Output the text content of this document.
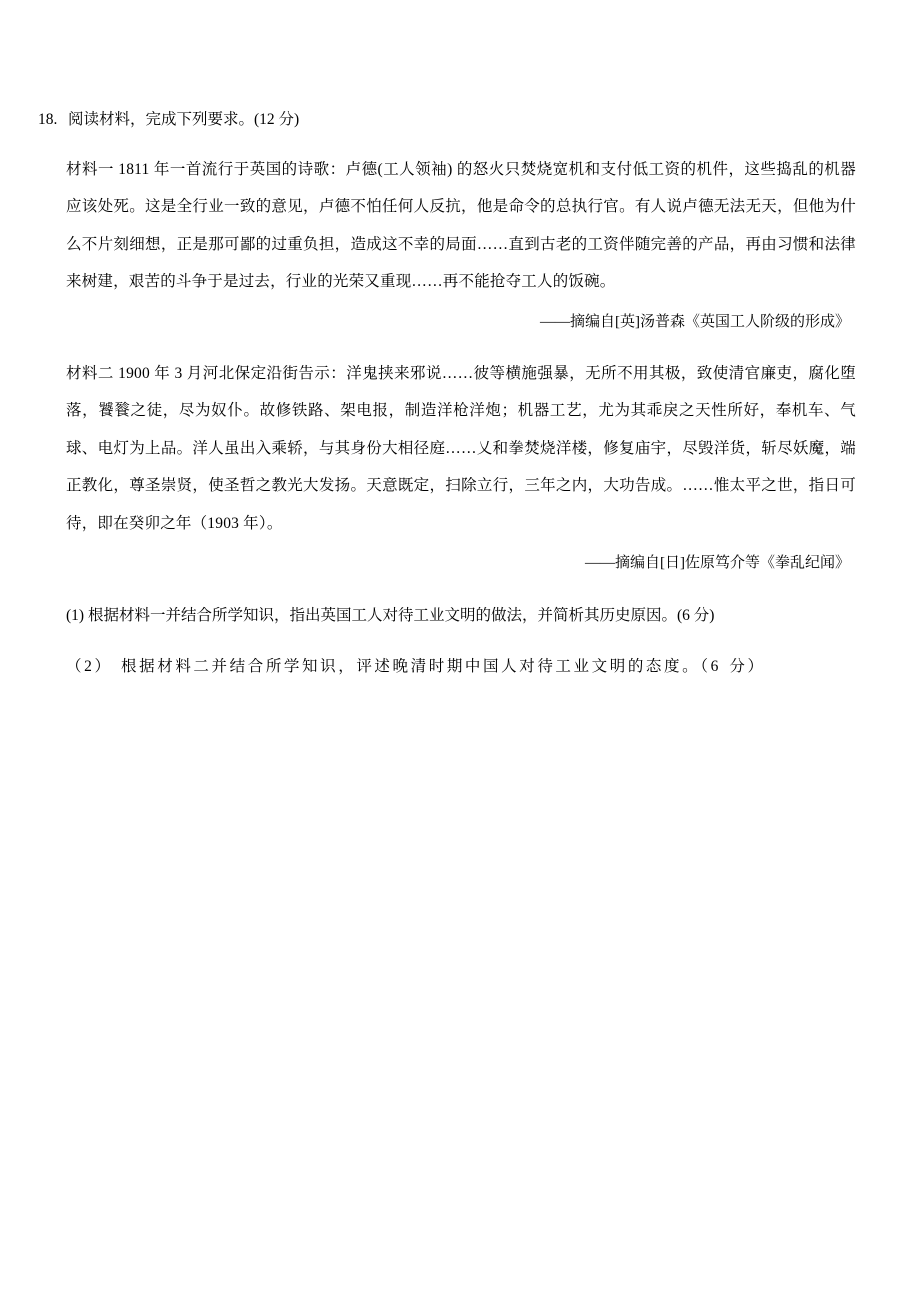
18. 阅读材料，完成下列要求。(12 分)

材料一 1811 年一首流行于英国的诗歌：卢德(工人领袖) 的怒火只焚烧宽机和支付低工资的机件，这些捣乱的机器应该处死。这是全行业一致的意见，卢德不怕任何人反抗，他是命令的总执行官。有人说卢德无法无天，但他为什么不片刻细想，正是那可鄙的过重负担，造成这不幸的局面……直到古老的工资伴随完善的产品，再由习惯和法律来树建，艰苦的斗争于是过去，行业的光荣又重现……再不能抢夺工人的饭碗。

——摘编自[英]汤普森《英国工人阶级的形成》

材料二 1900 年 3 月河北保定沿街告示：洋鬼挟来邪说……彼等横施强暴，无所不用其极，致使清官廉吏，腐化堕落，饕餮之徒，尽为奴仆。故修铁路、架电报，制造洋枪洋炮；机器工艺，尤为其乖戾之天性所好，奉机车、气球、电灯为上品。洋人虽出入乘轿，与其身份大相径庭……乂和拳焚烧洋楼，修复庙宇，尽毁洋货，斩尽妖魔，端正教化，尊圣崇贤，使圣哲之教光大发扬。天意既定，扫除立行，三年之内，大功告成。……惟太平之世，指日可待，即在癸卯之年（1903 年）。

——摘编自[日]佐原笃介等《拳乱纪闻》
(1) 根据材料一并结合所学知识，指出英国工人对待工业文明的做法，并简析其历史原因。(6 分)
（2） 根据材料二并结合所学知识，评述晚清时期中国人对待工业文明的态度。（6 分）
